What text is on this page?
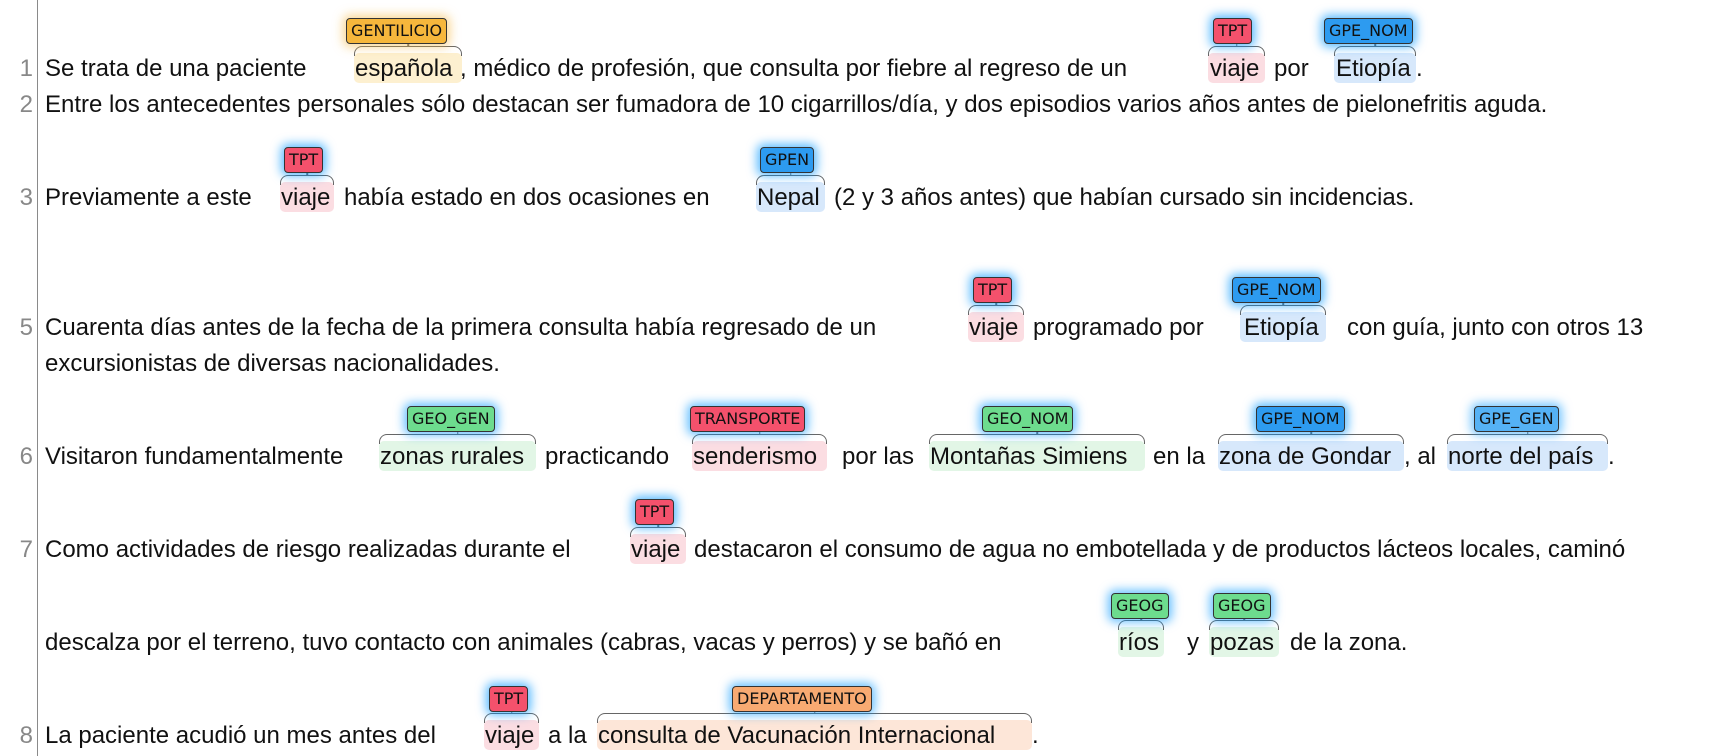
1
2
3
5
6
7
8
GENTILICIO	TPT	GPE_NOM
Se trata de una paciente española , médico de profesión, que consulta por fiebre al regreso de un	viaje por Etiopía .
Entre los antecedentes personales sólo destacan ser fumadora de 10 cigarrillos/día, y dos episodios varios años antes de pielonefritis aguda.
TPT	GPEN
Previamente a este viaje había estado en dos ocasiones en Nepal (2 y 3 años antes) que habían cursado sin incidencias.
TPT	GPE_NOM
Cuarenta días antes de la fecha de la primera consulta había regresado de un	viaje programado por Etiopía con guía, junto con otros 13
excursionistas de diversas nacionalidades.
GEO_GEN	TRANSPORTE	GEO_NOM	GPE_NOM	GPE_GEN
Visitaron fundamentalmente zonas rurales practicando senderismo por las Montañas Simiens en la zona de Gondar , al norte del país .
TPT
Como actividades de riesgo realizadas durante el	viaje destacaron el consumo de agua no embotellada y de productos lácteos locales, caminó
GEOG	GEOG
descalza por el terreno, tuvo contacto con animales (cabras, vacas y perros) y se bañó en	ríos y pozas de la zona.
TPT	DEPARTAMENTO
La paciente acudió un mes antes del viaje a la consulta de Vacunación Internacional .
